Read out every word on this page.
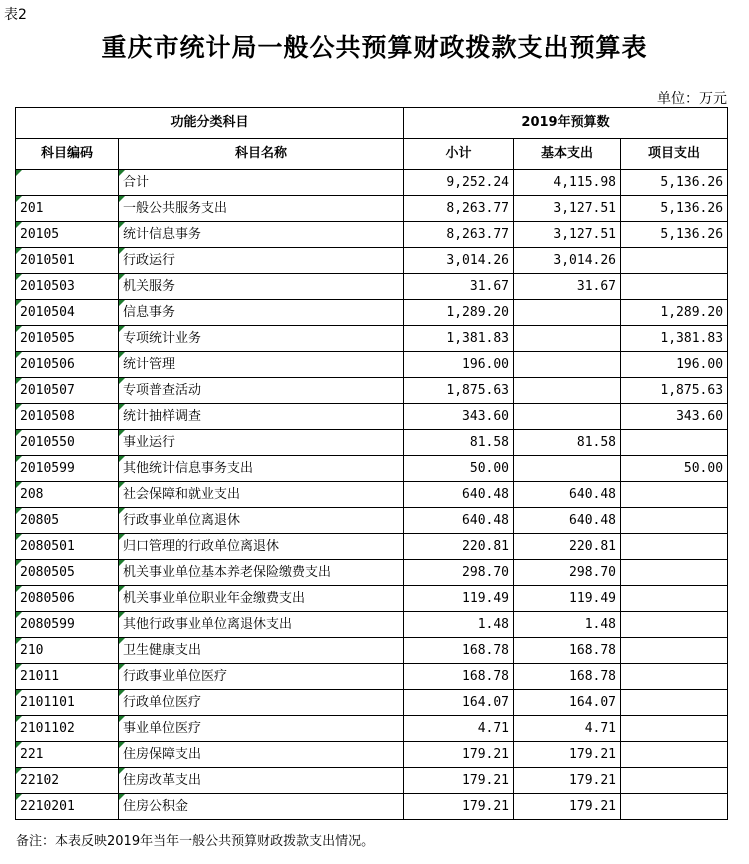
表2
重庆市统计局一般公共预算财政拨款支出预算表
单位：万元
功能分类科目		2019年预算数		
科目编码	科目名称	小计	基本支出	项目支出
	合计	9,252.24	4,115.98	5,136.26
201	一般公共服务支出	8,263.77	3,127.51	5,136.26
20105	统计信息事务	8,263.77	3,127.51	5,136.26
2010501	行政运行	3,014.26	3,014.26	
2010503	机关服务	31.67	31.67	
2010504	信息事务	1,289.20		1,289.20
2010505	专项统计业务	1,381.83		1,381.83
2010506	统计管理	196.00		196.00
2010507	专项普查活动	1,875.63		1,875.63
2010508	统计抽样调查	343.60		343.60
2010550	事业运行	81.58	81.58	
2010599	其他统计信息事务支出	50.00		50.00
208	社会保障和就业支出	640.48	640.48	
20805	行政事业单位离退休	640.48	640.48	
2080501	归口管理的行政单位离退休	220.81	220.81	
2080505	机关事业单位基本养老保险缴费支出	298.70	298.70	
2080506	机关事业单位职业年金缴费支出	119.49	119.49	
2080599	其他行政事业单位离退休支出	1.48	1.48	
210	卫生健康支出	168.78	168.78	
21011	行政事业单位医疗	168.78	168.78	
2101101	行政单位医疗	164.07	164.07	
2101102	事业单位医疗	4.71	4.71	
221	住房保障支出	179.21	179.21	
22102	住房改革支出	179.21	179.21	
2210201	住房公积金	179.21	179.21	
备注：本表反映2019年当年一般公共预算财政拨款支出情况。
